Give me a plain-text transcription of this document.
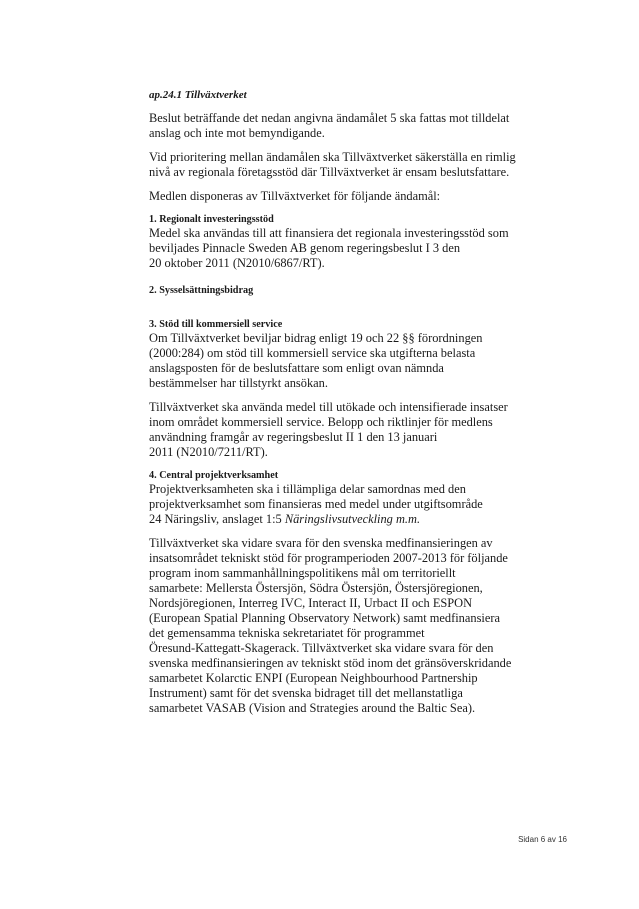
ap.24.1 Tillväxtverket
Beslut beträffande det nedan angivna ändamålet 5 ska fattas mot tilldelat
anslag och inte mot bemyndigande.
Vid prioritering mellan ändamålen ska Tillväxtverket säkerställa en rimlig
nivå av regionala företagsstöd där Tillväxtverket är ensam beslutsfattare.
Medlen disponeras av Tillväxtverket för följande ändamål:
1. Regionalt investeringsstöd
Medel ska användas till att finansiera det regionala investeringsstöd som
beviljades Pinnacle Sweden AB genom regeringsbeslut I 3 den
20 oktober 2011 (N2010/6867/RT).
2. Sysselsättningsbidrag
3. Stöd till kommersiell service
Om Tillväxtverket beviljar bidrag enligt 19 och 22 §§ förordningen
(2000:284) om stöd till kommersiell service ska utgifterna belasta
anslagsposten för de beslutsfattare som enligt ovan nämnda
bestämmelser har tillstyrkt ansökan.
Tillväxtverket ska använda medel till utökade och intensifierade insatser
inom området kommersiell service. Belopp och riktlinjer för medlens
användning framgår av regeringsbeslut II 1 den 13 januari
2011 (N2010/7211/RT).
4. Central projektverksamhet
Projektverksamheten ska i tillämpliga delar samordnas med den
projektverksamhet som finansieras med medel under utgiftsområde
24 Näringsliv, anslaget 1:5 Näringslivsutveckling m.m.
Tillväxtverket ska vidare svara för den svenska medfinansieringen av
insatsområdet tekniskt stöd för programperioden 2007-2013 för följande
program inom sammanhållningspolitikens mål om territoriellt
samarbete: Mellersta Östersjön, Södra Östersjön, Östersjöregionen,
Nordsjöregionen, Interreg IVC, Interact II, Urbact II och ESPON
(European Spatial Planning Observatory Network) samt medfinansiera
det gemensamma tekniska sekretariatet för programmet
Öresund-Kattegatt-Skagerack. Tillväxtverket ska vidare svara för den
svenska medfinansieringen av tekniskt stöd inom det gränsöverskridande
samarbetet Kolarctic ENPI (European Neighbourhood Partnership
Instrument) samt för det svenska bidraget till det mellanstatliga
samarbetet VASAB (Vision and Strategies around the Baltic Sea).
Sidan 6 av 16
